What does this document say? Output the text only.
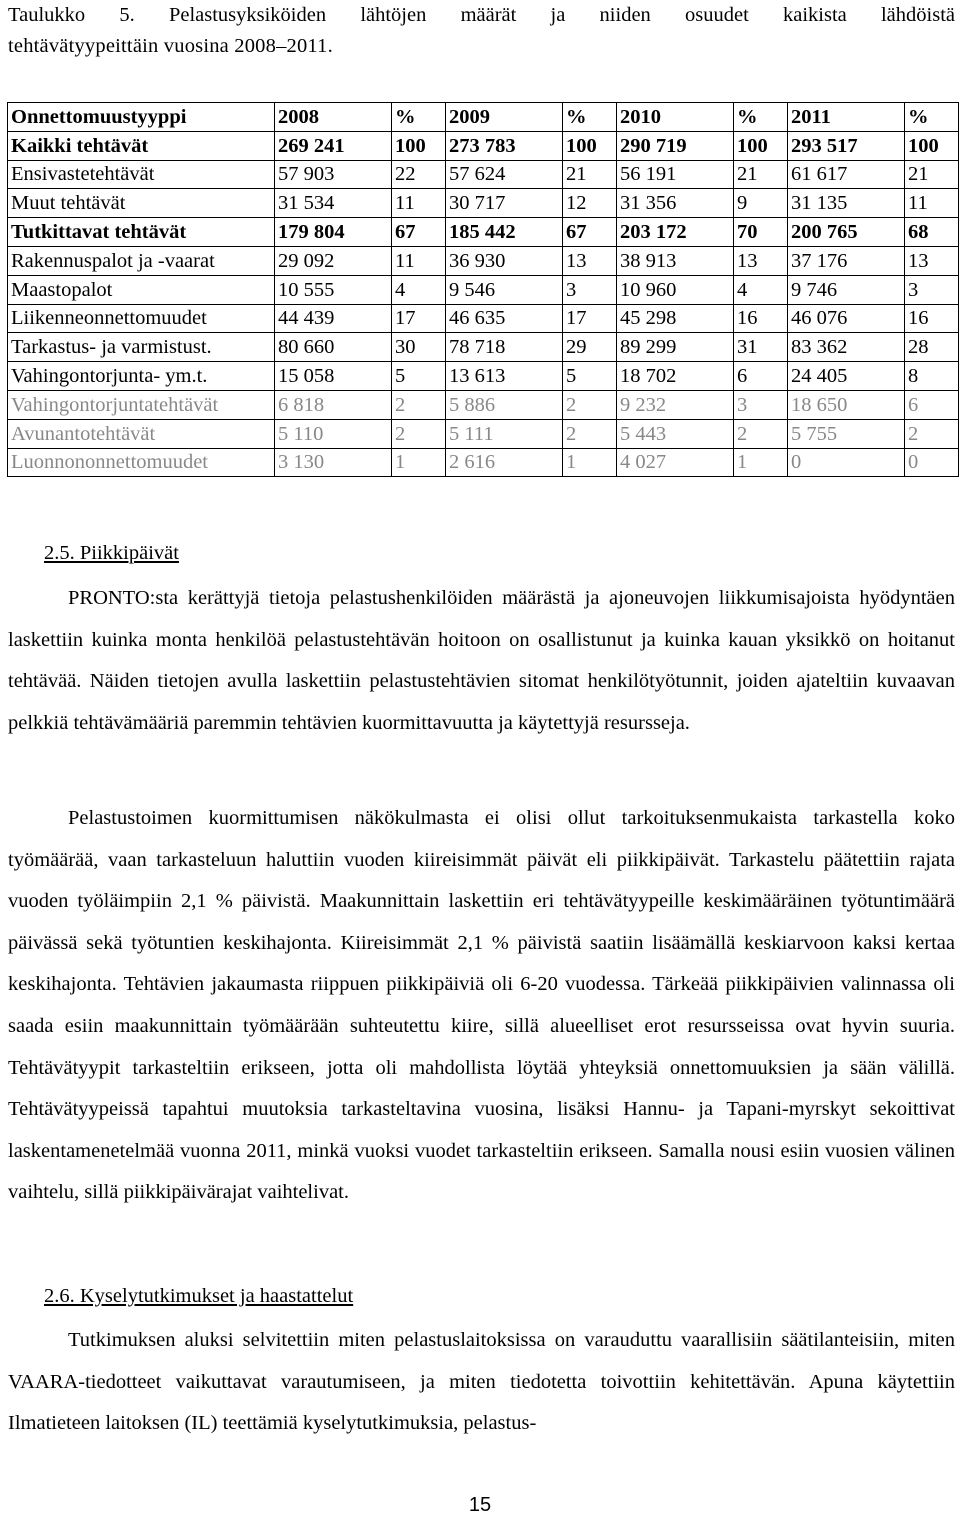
Taulukko 5. Pelastusyksiköiden lähtöjen määrät ja niiden osuudet kaikista lähdöistä
tehtävätyypeittäin vuosina 2008–2011.
Onnettomuustyyppi	2008	%	2009	%	2010	%	2011	%
Kaikki tehtävät	269 241	100	273 783	100	290 719	100	293 517	100
Ensivastetehtävät	57 903	22	57 624	21	56 191	21	61 617	21
Muut tehtävät	31 534	11	30 717	12	31 356	9	31 135	11
Tutkittavat tehtävät	179 804	67	185 442	67	203 172	70	200 765	68
Rakennuspalot ja -vaarat	29 092	11	36 930	13	38 913	13	37 176	13
Maastopalot	10 555	4	9 546	3	10 960	4	9 746	3
Liikenneonnettomuudet	44 439	17	46 635	17	45 298	16	46 076	16
Tarkastus- ja varmistust.	80 660	30	78 718	29	89 299	31	83 362	28
Vahingontorjunta- ym.t.	15 058	5	13 613	5	18 702	6	24 405	8
Vahingontorjuntatehtävät	6 818	2	5 886	2	9 232	3	18 650	6
Avunantotehtävät	5 110	2	5 111	2	5 443	2	5 755	2
Luonnononnettomuudet	3 130	1	2 616	1	4 027	1	0	0
2.5. Piikkipäivät
PRONTO:sta kerättyjä tietoja pelastushenkilöiden määrästä ja ajoneuvojen liikkumisajoista hyödyntäen laskettiin kuinka monta henkilöä pelastustehtävän hoitoon on osallistunut ja kuinka kauan yksikkö on hoitanut tehtävää. Näiden tietojen avulla laskettiin pelastustehtävien sitomat henkilötyötunnit, joiden ajateltiin kuvaavan pelkkiä tehtävämääriä paremmin tehtävien kuormittavuutta ja käytettyjä resursseja.
Pelastustoimen kuormittumisen näkökulmasta ei olisi ollut tarkoituksenmukaista tarkastella koko työmäärää, vaan tarkasteluun haluttiin vuoden kiireisimmät päivät eli piikkipäivät. Tarkastelu päätettiin rajata vuoden työläimpiin 2,1 % päivistä. Maakunnittain laskettiin eri tehtävätyypeille keskimääräinen työtuntimäärä päivässä sekä työtuntien keskihajonta. Kiireisimmät 2,1 % päivistä saatiin lisäämällä keskiarvoon kaksi kertaa keskihajonta. Tehtävien jakaumasta riippuen piikkipäiviä oli 6-20 vuodessa. Tärkeää piikkipäivien valinnassa oli saada esiin maakunnittain työmäärään suhteutettu kiire, sillä alueelliset erot resursseissa ovat hyvin suuria. Tehtävätyypit tarkasteltiin erikseen, jotta oli mahdollista löytää yhteyksiä onnettomuuksien ja sään välillä. Tehtävätyypeissä tapahtui muutoksia tarkasteltavina vuosina, lisäksi Hannu- ja Tapani-myrskyt sekoittivat laskentamenetelmää vuonna 2011, minkä vuoksi vuodet tarkasteltiin erikseen. Samalla nousi esiin vuosien välinen vaihtelu, sillä piikkipäivärajat vaihtelivat.
2.6. Kyselytutkimukset ja haastattelut
Tutkimuksen aluksi selvitettiin miten pelastuslaitoksissa on varauduttu vaarallisiin säätilanteisiin, miten VAARA-tiedotteet vaikuttavat varautumiseen, ja miten tiedotetta toivottiin kehitettävän. Apuna käytettiin Ilmatieteen laitoksen (IL) teettämiä kyselytutkimuksia, pelastus-
15
